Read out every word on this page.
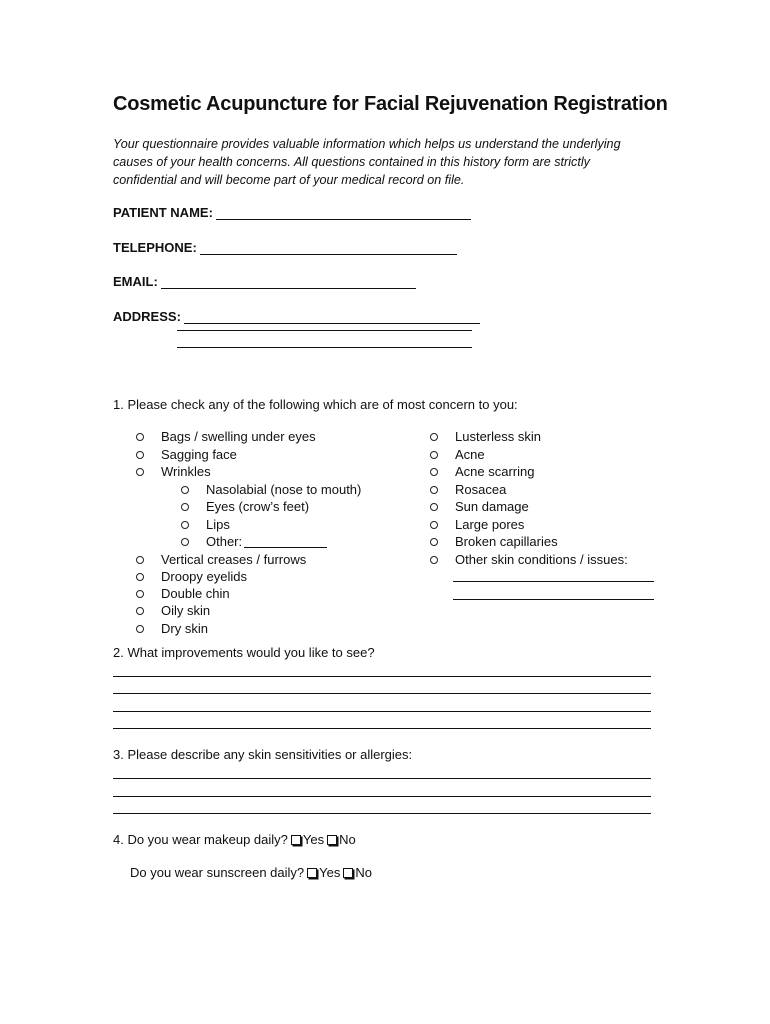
Cosmetic Acupuncture for Facial Rejuvenation Registration
Your questionnaire provides valuable information which helps us understand the underlying causes of your health concerns. All questions contained in this history form are strictly confidential and will become part of your medical record on file.
PATIENT NAME:
TELEPHONE:
EMAIL:
ADDRESS:
1. Please check any of the following which are of most concern to you:
Bags / swelling under eyes
Sagging face
Wrinkles
Nasolabial (nose to mouth)
Eyes (crow’s feet)
Lips
Other:
Vertical creases / furrows
Droopy eyelids
Double chin
Oily skin
Dry skin
Lusterless skin
Acne
Acne scarring
Rosacea
Sun damage
Large pores
Broken capillaries
Other skin conditions / issues:
2. What improvements would you like to see?
3. Please describe any skin sensitivities or allergies:
4. Do you wear makeup daily? Yes No
Do you wear sunscreen daily? Yes No
